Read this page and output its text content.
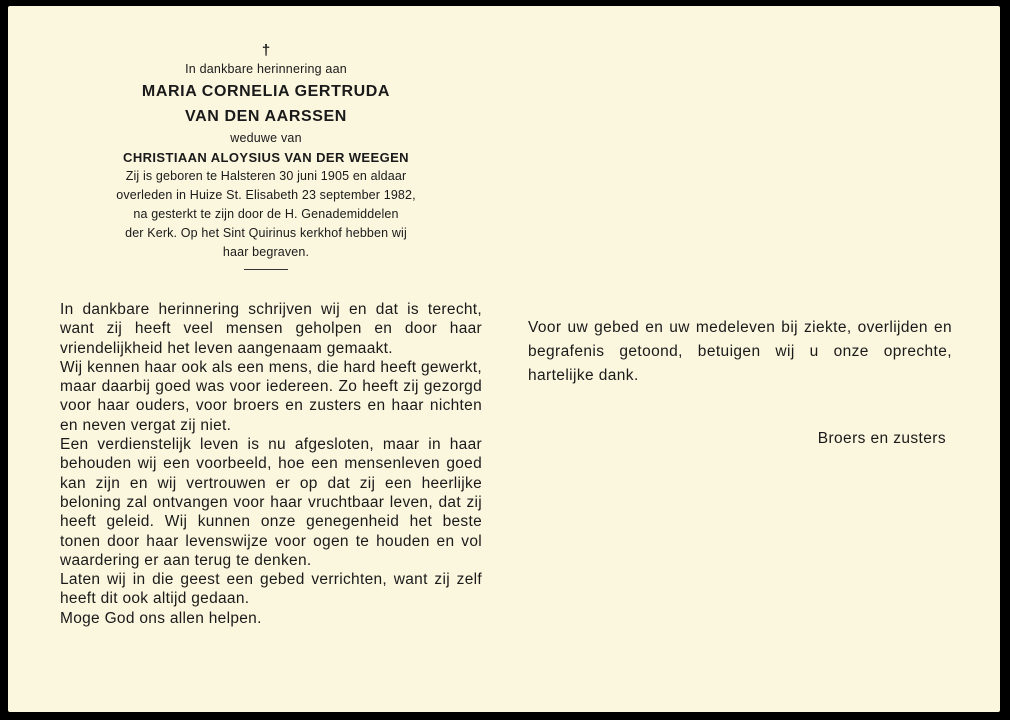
†
In dankbare herinnering aan
MARIA CORNELIA GERTRUDA
VAN DEN AARSSEN
weduwe van
CHRISTIAAN ALOYSIUS VAN DER WEEGEN
Zij is geboren te Halsteren 30 juni 1905 en aldaar
overleden in Huize St. Elisabeth 23 september 1982,
na gesterkt te zijn door de H. Genademiddelen
der Kerk. Op het Sint Quirinus kerkhof hebben wij
haar begraven.

In dankbare herinnering schrijven wij en dat is terecht, want zij heeft veel mensen geholpen en door haar vriendelijkheid het leven aangenaam gemaakt.

Wij kennen haar ook als een mens, die hard heeft gewerkt, maar daarbij goed was voor iedereen. Zo heeft zij gezorgd voor haar ouders, voor broers en zusters en haar nichten en neven vergat zij niet.

Een verdienstelijk leven is nu afgesloten, maar in haar behouden wij een voorbeeld, hoe een mensenleven goed kan zijn en wij vertrouwen er op dat zij een heerlijke beloning zal ontvangen voor haar vruchtbaar leven, dat zij heeft geleid. Wij kunnen onze genegenheid het beste tonen door haar levenswijze voor ogen te houden en vol waardering er aan terug te denken.

Laten wij in die geest een gebed verrichten, want zij zelf heeft dit ook altijd gedaan.

Moge God ons allen helpen.

Voor uw gebed en uw medeleven bij ziekte, overlijden en begrafenis getoond, betuigen wij u onze oprechte, hartelijke dank.
Broers en zusters
